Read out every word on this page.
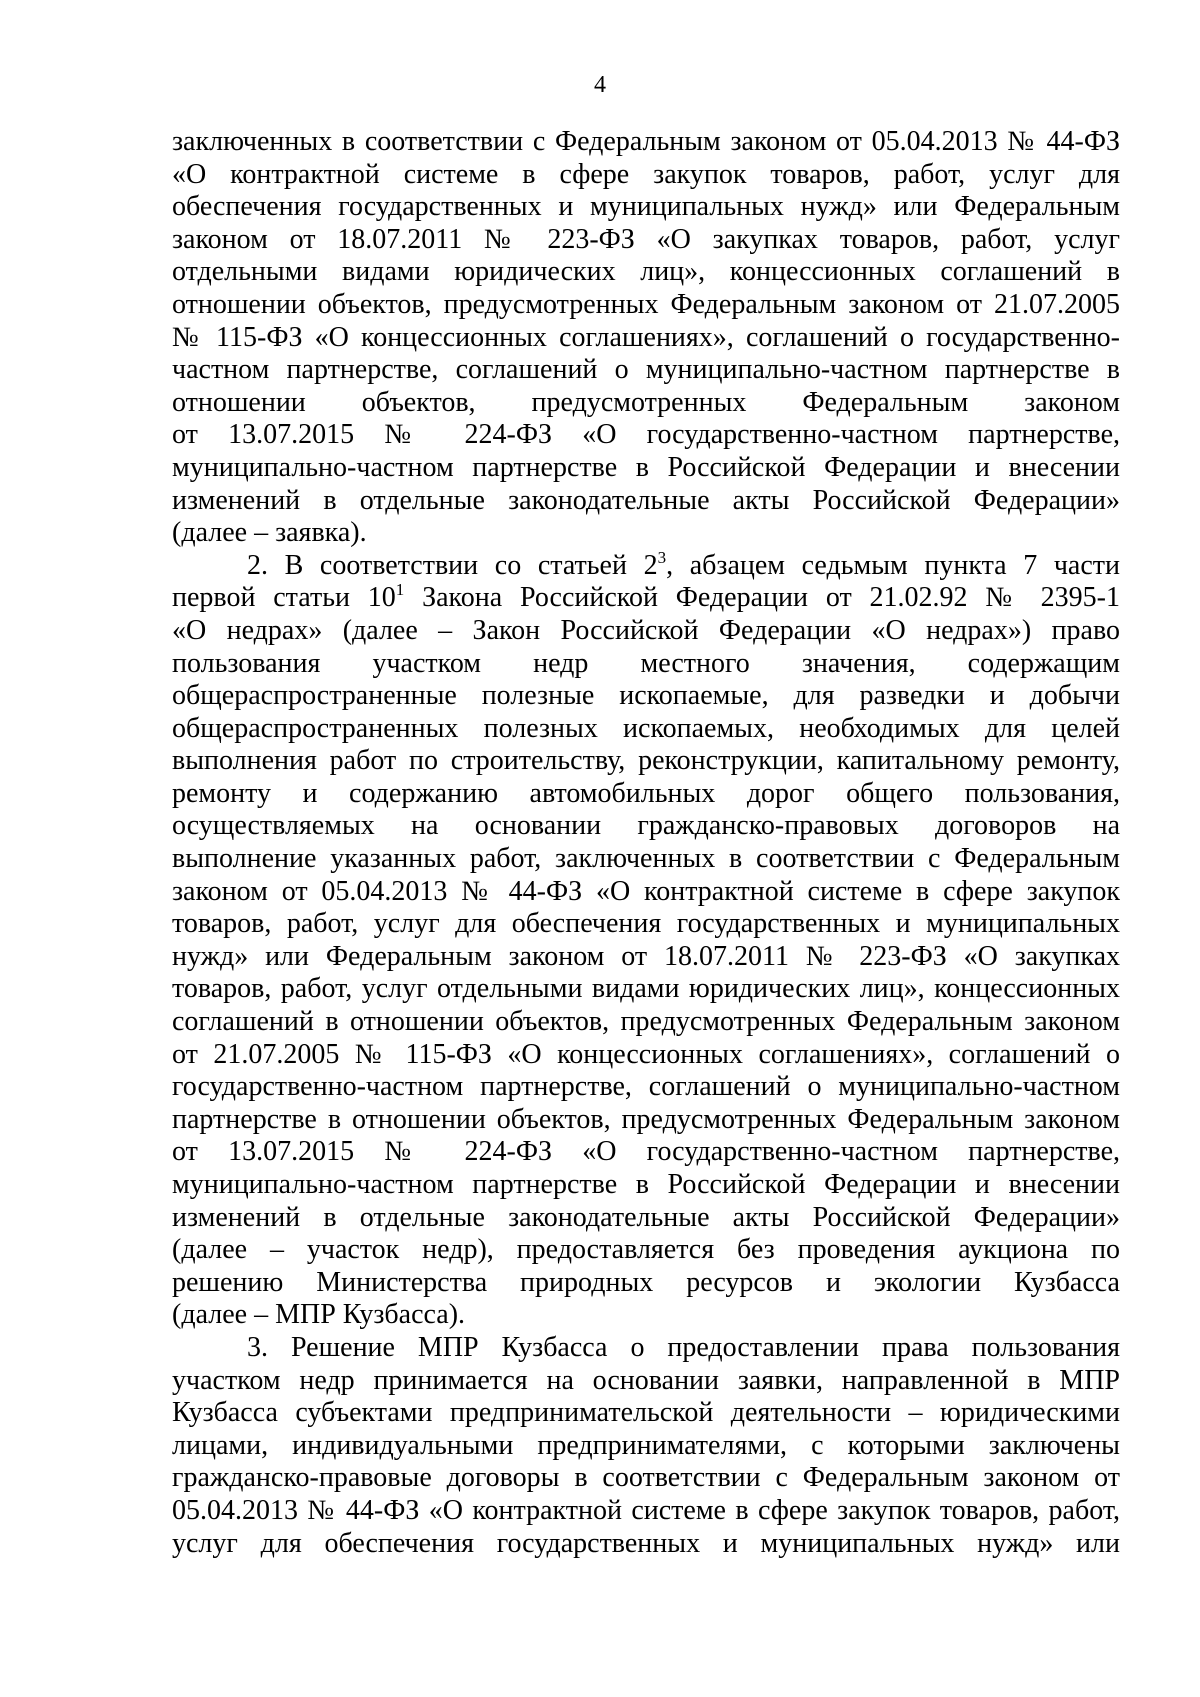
4
заключенных в соответствии с Федеральным законом от 05.04.2013 № 44-ФЗ
«О контрактной системе в сфере закупок товаров, работ, услуг для
обеспечения государственных и муниципальных нужд» или Федеральным
законом от 18.07.2011 № 223-ФЗ «О закупках товаров, работ, услуг
отдельными видами юридических лиц», концессионных соглашений в
отношении объектов, предусмотренных Федеральным законом от 21.07.2005
№ 115-ФЗ «О концессионных соглашениях», соглашений о государственно-
частном партнерстве, соглашений о муниципально-частном партнерстве в
отношении объектов, предусмотренных Федеральным законом
от 13.07.2015 № 224-ФЗ «О государственно-частном партнерстве,
муниципально-частном партнерстве в Российской Федерации и внесении
изменений в отдельные законодательные акты Российской Федерации»
(далее – заявка).
2. В соответствии со статьей $2^3$, абзацем седьмым пункта 7 части
первой статьи $10^1$ Закона Российской Федерации от 21.02.92 № 2395-1
«О недрах» (далее – Закон Российской Федерации «О недрах») право
пользования участком недр местного значения, содержащим
общераспространенные полезные ископаемые, для разведки и добычи
общераспространенных полезных ископаемых, необходимых для целей
выполнения работ по строительству, реконструкции, капитальному ремонту,
ремонту и содержанию автомобильных дорог общего пользования,
осуществляемых на основании гражданско-правовых договоров на
выполнение указанных работ, заключенных в соответствии с Федеральным
законом от 05.04.2013 № 44-ФЗ «О контрактной системе в сфере закупок
товаров, работ, услуг для обеспечения государственных и муниципальных
нужд» или Федеральным законом от 18.07.2011 № 223-ФЗ «О закупках
товаров, работ, услуг отдельными видами юридических лиц», концессионных
соглашений в отношении объектов, предусмотренных Федеральным законом
от 21.07.2005 № 115-ФЗ «О концессионных соглашениях», соглашений о
государственно-частном партнерстве, соглашений о муниципально-частном
партнерстве в отношении объектов, предусмотренных Федеральным законом
от 13.07.2015 № 224-ФЗ «О государственно-частном партнерстве,
муниципально-частном партнерстве в Российской Федерации и внесении
изменений в отдельные законодательные акты Российской Федерации»
(далее – участок недр), предоставляется без проведения аукциона по
решению Министерства природных ресурсов и экологии Кузбасса
(далее – МПР Кузбасса).
3. Решение МПР Кузбасса о предоставлении права пользования
участком недр принимается на основании заявки, направленной в МПР
Кузбасса субъектами предпринимательской деятельности – юридическими
лицами, индивидуальными предпринимателями, с которыми заключены
гражданско-правовые договоры в соответствии с Федеральным законом от
05.04.2013 № 44-ФЗ «О контрактной системе в сфере закупок товаров, работ,
услуг для обеспечения государственных и муниципальных нужд» или
